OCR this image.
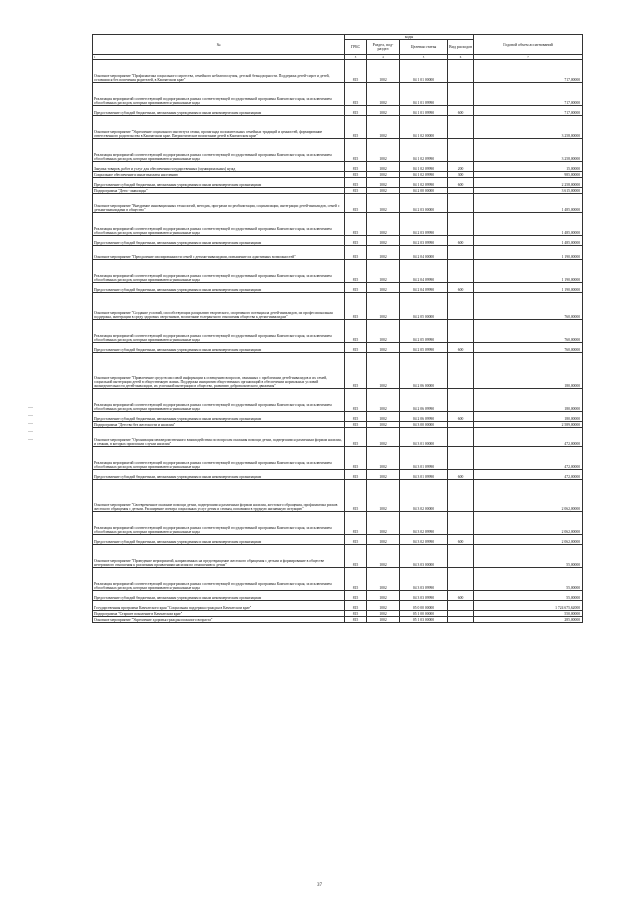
№	коды				Годовой объем ассигнований
	ГРБС	Раздел, под-раздел	Целевая статья	Вид расходов	
1	3	4	5	6	7
Основное мероприятие "Профилактика социального сиротства, семейного неблагополучия, детской безнадзорности. Поддержка детей-сирот и детей, оставшихся без попечения родителей, в Камчатском крае"	815	1002	04 1 01 00000		717,00000
Реализация мероприятий соответствующей подпрограммы в рамках соответствующей государственной программы Камчатского края, за исключением обособленных расходов, которым присваиваются уникальные коды	815	1002	04 1 01 09990		717,00000
Предоставление субсидий бюджетным, автономным учреждениям и иным некоммерческим организациям	815	1002	04 1 01 09990	600	717,00000
Основное мероприятие "Укрепление социального института семьи, пропаганда положительных семейных традиций и ценностей, формирование ответственного родительства в Камчатском крае. Патриотическое воспитание детей в Камчатском крае"	815	1002	04 1 02 00000		3 258,00000
Реализация мероприятий соответствующей подпрограммы в рамках соответствующей государственной программы Камчатского края, за исключением обособленных расходов, которым присваиваются уникальные коды	815	1002	04 1 02 09990		3 258,00000
Закупка товаров, работ и услуг для обеспечения государственных (муниципальных) нужд	815	1002	04 1 02 09990	200	15,00000
Социальное обеспечение и иные выплаты населению	815	1002	04 1 02 09990	300	985,00000
Предоставление субсидий бюджетным, автономным учреждениям и иным некоммерческим организациям	815	1002	04 1 02 09990	600	2 258,00000
Подпрограмма "Дети - инвалиды"	815	1002	04 2 00 00000		3 615,00000
Основное мероприятие "Внедрение инновационных технологий, методик, программ по реабилитации, социализации, интеграции детей-инвалидов, семей с детьми-инвалидами в общество"	815	1002	04 2 03 00000		1 485,00000
Реализация мероприятий соответствующей подпрограммы в рамках соответствующей государственной программы Камчатского края, за исключением обособленных расходов, которым присваиваются уникальные коды	815	1002	04 2 03 09990		1 485,00000
Предоставление субсидий бюджетным, автономным учреждениям и иным некоммерческим организациям	815	1002	04 2 03 09990	600	1 485,00000
Основное мероприятие "Преодоление изолированности семей с детьми-инвалидами, повышение их адаптивных возможностей"	815	1002	04 2 04 00000		1 190,00000
Реализация мероприятий соответствующей подпрограммы в рамках соответствующей государственной программы Камчатского края, за исключением обособленных расходов, которым присваиваются уникальные коды	815	1002	04 2 04 09990		1 190,00000
Предоставление субсидий бюджетным, автономным учреждениям и иным некоммерческим организациям	815	1002	04 2 04 09990	600	1 190,00000
Основное мероприятие "Создание условий, способствующих раскрытию творческого, спортивного потенциала детей-инвалидов, их профессиональная поддержка, интеграции в среду здоровых сверстников, воспитание толерантного отношения общества к детям-инвалидам"	815	1002	04 2 05 00000		760,00000
Реализация мероприятий соответствующей подпрограммы в рамках соответствующей государственной программы Камчатского края, за исключением обособленных расходов, которым присваиваются уникальные коды	815	1002	04 2 05 09990		760,00000
Предоставление субсидий бюджетным, автономным учреждениям и иным некоммерческим организациям	815	1002	04 2 05 09990	600	760,00000
Основное мероприятие "Привлечение средств массовой информации к освещению вопросов, связанных с проблемами детей-инвалидов и их семей, социальной интеграции детей в общественную жизнь. Поддержка инициатив общественных организаций в обеспечении нормальных условий жизнедеятельности детей-инвалидов, их успешной интеграции в общество, развитию добровольческого движения"	815	1002	04 2 06 00000		180,00000
Реализация мероприятий соответствующей подпрограммы в рамках соответствующей государственной программы Камчатского края, за исключением обособленных расходов, которым присваиваются уникальные коды	815	1002	04 2 06 09990		180,00000
Предоставление субсидий бюджетным, автономным учреждениям и иным некоммерческим организациям	815	1002	04 2 06 09990	600	180,00000
Подпрограмма "Детство без жестокости и насилия"	815	1002	04 3 00 00000		2 589,00000
Основное мероприятие "Организация межведомственного взаимодействия по вопросам оказания помощи детям, подвергшимся различным формам насилия, и семьям, в которых произошли случаи насилия"	815	1002	04 3 01 00000		472,00000
Реализация мероприятий соответствующей подпрограммы в рамках соответствующей государственной программы Камчатского края, за исключением обособленных расходов, которым присваиваются уникальные коды	815	1002	04 3 01 09990		472,00000
Предоставление субсидий бюджетным, автономным учреждениям и иным некоммерческим организациям	815	1002	04 3 01 09990	600	472,00000
Основное мероприятие "Своевременное оказание помощи детям, подвергшимся различным формам насилия, жестокого обращения, профилактика рисков жестокого обращения с детьми. Расширение спектра социальных услуг детям и семьям, попавшим в трудную жизненную ситуацию"	815	1002	04 3 02 00000		2 062,00000
Реализация мероприятий соответствующей подпрограммы в рамках соответствующей государственной программы Камчатского края, за исключением обособленных расходов, которым присваиваются уникальные коды	815	1002	04 3 02 09990		2 062,00000
Предоставление субсидий бюджетным, автономным учреждениям и иным некоммерческим организациям	815	1002	04 3 02 09990	600	2 062,00000
Основное мероприятие "Проведение мероприятий, направленных на предотвращение жестокого обращения с детьми и формирование в обществе нетерпимого отношения к различным проявлениям насилия по отношению к детям"	815	1002	04 3 03 00000		55,00000
Реализация мероприятий соответствующей подпрограммы в рамках соответствующей государственной программы Камчатского края, за исключением обособленных расходов, которым присваиваются уникальные коды	815	1002	04 3 03 09990		55,00000
Предоставление субсидий бюджетным, автономным учреждениям и иным некоммерческим организациям	815	1002	04 3 03 09990	600	55,00000
Государственная программа Камчатского края "Социальная поддержка граждан в Камчатском крае"	815	1002	05 0 00 00000		1 724 675,62000
Подпрограмма "Старшее поколение в Камчатском крае"	815	1002	05 1 00 00000		550,00000
Основное мероприятие "Укрепление здоровья граждан пожилого возраста"	815	1002	05 1 03 00000		285,00000
37
